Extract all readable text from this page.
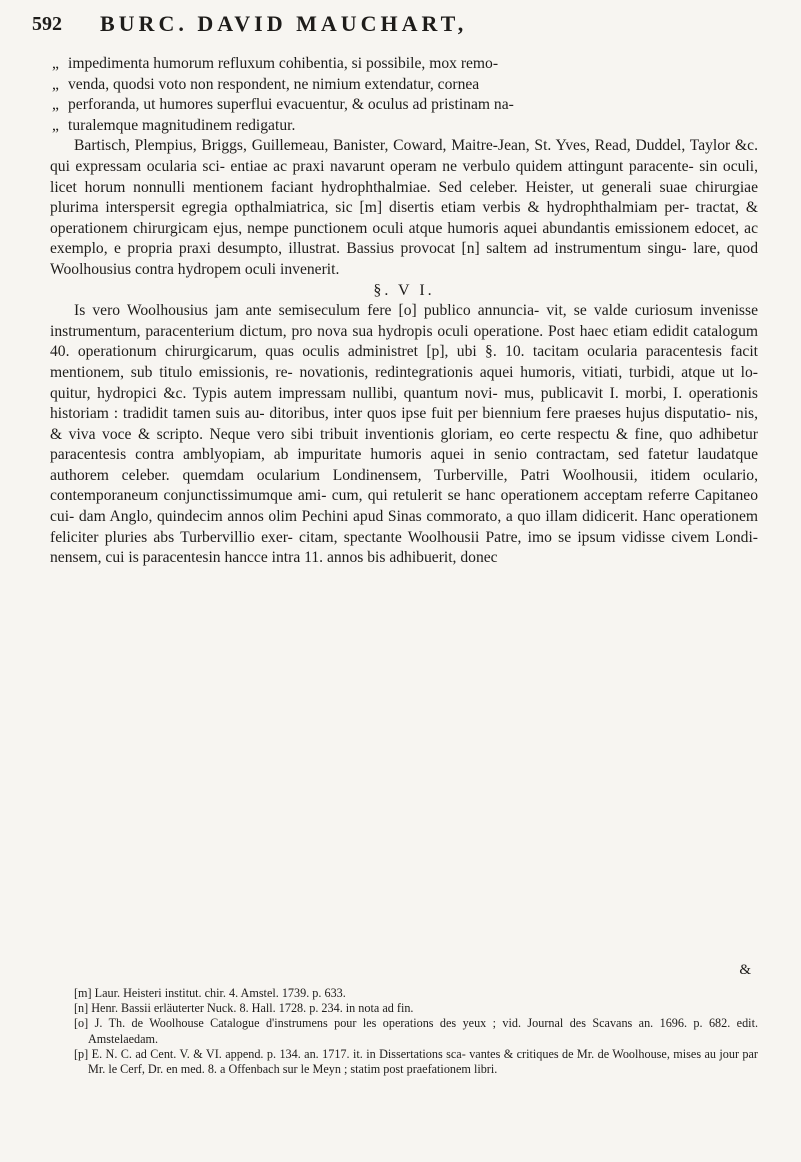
592 BURC. DAVID MAUCHART,

„ impedimenta humorum refluxum cohibentia, si possibile, mox remo-

„ venda, quodsi voto non respondent, ne nimium extendatur, cornea

„ perforanda, ut humores superflui evacuentur, & oculus ad pristinam na-

„ turalemque magnitudinem redigatur.

Bartisch, Plempius, Briggs, Guillemeau, Banister, Coward, Maitre-Jean, St. Yves, Read, Duddel, Taylor &c. qui expressam ocularia sci- entiae ac praxi navarunt operam ne verbulo quidem attingunt paracente- sin oculi, licet horum nonnulli mentionem faciant hydrophthalmiae. Sed celeber. Heister, ut generali suae chirurgiae plurima interspersit egregia opthalmiatrica, sic [m] disertis etiam verbis & hydrophthalmiam per- tractat, & operationem chirurgicam ejus, nempe punctionem oculi atque humoris aquei abundantis emissionem edocet, ac exemplo, e propria praxi desumpto, illustrat. Bassius provocat [n] saltem ad instrumentum singu- lare, quod Woolhousius contra hydropem oculi invenerit.

§. V I.

Is vero Woolhousius jam ante semiseculum fere [o] publico annuncia- vit, se valde curiosum invenisse instrumentum, paracenterium dictum, pro nova sua hydropis oculi operatione. Post haec etiam edidit catalogum 40. operationum chirurgicarum, quas oculis administret [p], ubi §. 10. tacitam ocularia paracentesis facit mentionem, sub titulo emissionis, re- novationis, redintegrationis aquei humoris, vitiati, turbidi, atque ut lo- quitur, hydropici &c. Typis autem impressam nullibi, quantum novi- mus, publicavit I. morbi, I. operationis historiam : tradidit tamen suis au- ditoribus, inter quos ipse fuit per biennium fere praeses hujus disputatio- nis, & viva voce & scripto. Neque vero sibi tribuit inventionis gloriam, eo certe respectu & fine, quo adhibetur paracentesis contra amblyopiam, ab impuritate humoris aquei in senio contractam, sed fatetur laudatque authorem celeber. quemdam ocularium Londinensem, Turberville, Patri Woolhousii, itidem oculario, contemporaneum conjunctissimumque ami- cum, qui retulerit se hanc operationem acceptam referre Capitaneo cui- dam Anglo, quindecim annos olim Pechini apud Sinas commorato, a quo illam didicerit. Hanc operationem feliciter pluries abs Turbervillio exer- citam, spectante Woolhousii Patre, imo se ipsum vidisse civem Londi- nensem, cui is paracentesin hancce intra 11. annos bis adhibuerit, donec

&

[m] Laur. Heisteri institut. chir. 4. Amstel. 1739. p. 633.

[n] Henr. Bassii erläuterter Nuck. 8. Hall. 1728. p. 234. in nota ad fin.

[o] J. Th. de Woolhouse Catalogue d'instrumens pour les operations des yeux ; vid. Journal des Scavans an. 1696. p. 682. edit. Amstelaedam.

[p] E. N. C. ad Cent. V. & VI. append. p. 134. an. 1717. it. in Dissertations sca- vantes & critiques de Mr. de Woolhouse, mises au jour par Mr. le Cerf, Dr. en med. 8. a Offenbach sur le Meyn ; statim post praefationem libri.
